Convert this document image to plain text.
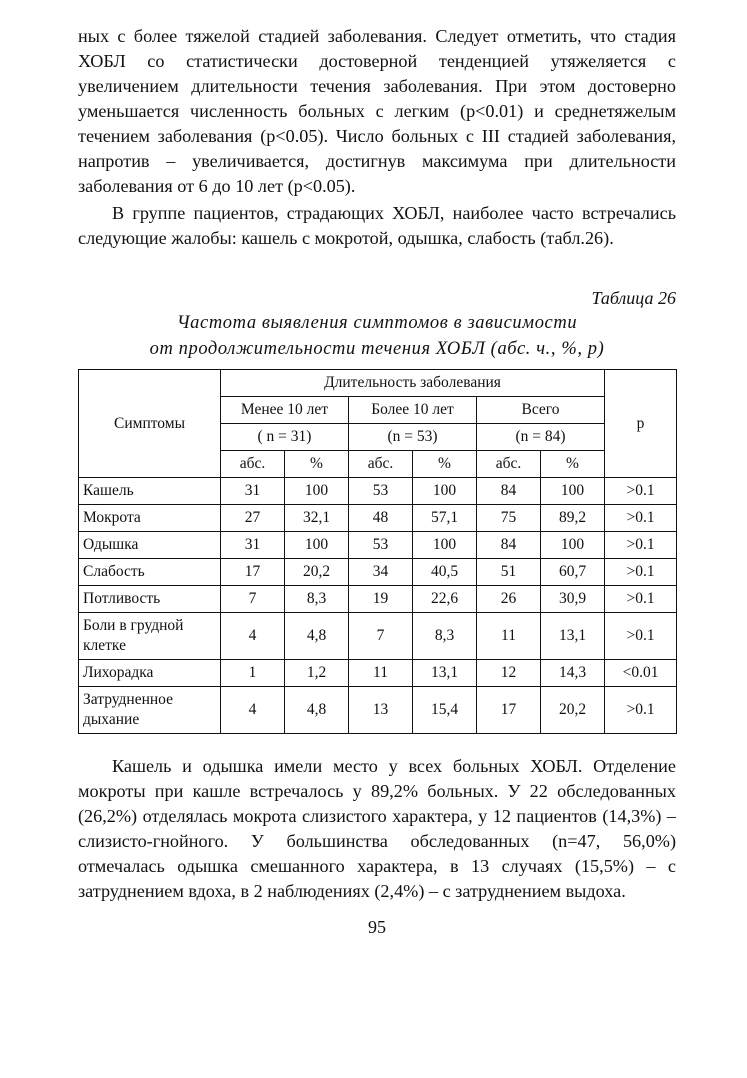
ных с более тяжелой стадией заболевания. Следует отметить, что стадия ХОБЛ со статистически достоверной тенденцией утяжеляется с увеличением длительности течения заболевания. При этом достоверно уменьшается численность больных с легким (p<0.01) и среднетяжелым течением заболевания (p<0.05). Число больных с III стадией заболевания, напротив – увеличивается, достигнув максимума при длительности заболевания от 6 до 10 лет (p<0.05).

В группе пациентов, страдающих ХОБЛ, наиболее часто встречались следующие жалобы: кашель с мокротой, одышка, слабость (табл.26).

Таблица 26
Частота выявления симптомов в зависимости
от продолжительности течения ХОБЛ (абс. ч., %, р)
Симптомы	Длительность заболевания						р
	Менее 10 лет		Более 10 лет		Всего		
	( n = 31)		(n = 53)		(n = 84)		
	абс.	%	абс.	%	абс.	%	
Кашель	31	100	53	100	84	100	>0.1
Мокрота	27	32,1	48	57,1	75	89,2	>0.1
Одышка	31	100	53	100	84	100	>0.1
Слабость	17	20,2	34	40,5	51	60,7	>0.1
Потливость	7	8,3	19	22,6	26	30,9	>0.1
Боли в грудной клетке	4	4,8	7	8,3	11	13,1	>0.1
Лихорадка	1	1,2	11	13,1	12	14,3	<0.01
Затрудненное дыхание	4	4,8	13	15,4	17	20,2	>0.1

Кашель и одышка имели место у всех больных ХОБЛ. Отделение мокроты при кашле встречалось у 89,2% больных. У 22 обследованных (26,2%) отделялась мокрота слизистого характера, у 12 пациентов (14,3%) – слизисто-гнойного. У большинства обследованных (n=47, 56,0%) отмечалась одышка смешанного характера, в 13 случаях (15,5%) – с затруднением вдоха, в 2 наблюдениях (2,4%) – с затруднением выдоха.

95
